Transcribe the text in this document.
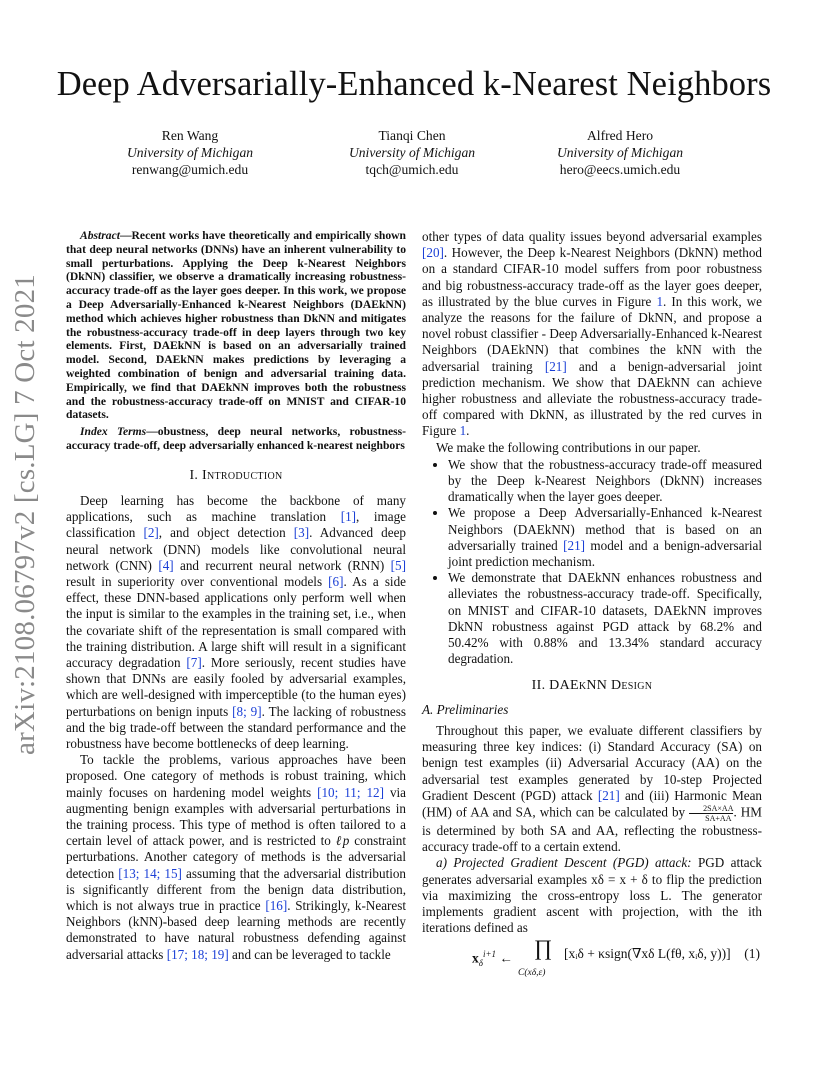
arXiv:2108.06797v2 [cs.LG] 7 Oct 2021
Deep Adversarially-Enhanced k-Nearest Neighbors
Ren Wang
University of Michigan
renwang@umich.edu
Tianqi Chen
University of Michigan
tqch@umich.edu
Alfred Hero
University of Michigan
hero@eecs.umich.edu

Abstract—Recent works have theoretically and empirically shown that deep neural networks (DNNs) have an inherent vulnerability to small perturbations. Applying the Deep k-Nearest Neighbors (DkNN) classifier, we observe a dramatically increasing robustness-accuracy trade-off as the layer goes deeper. In this work, we propose a Deep Adversarially-Enhanced k-Nearest Neighbors (DAEkNN) method which achieves higher robustness than DkNN and mitigates the robustness-accuracy trade-off in deep layers through two key elements. First, DAEkNN is based on an adversarially trained model. Second, DAEkNN makes predictions by leveraging a weighted combination of benign and adversarial training data. Empirically, we find that DAEkNN improves both the robustness and the robustness-accuracy trade-off on MNIST and CIFAR-10 datasets.

Index Terms—obustness, deep neural networks, robustness-accuracy trade-off, deep adversarially enhanced k-nearest neighbors

I. Introduction

Deep learning has become the backbone of many applications, such as machine translation [1], image classification [2], and object detection [3]. Advanced deep neural network (DNN) models like convolutional neural network (CNN) [4] and recurrent neural network (RNN) [5] result in superiority over conventional models [6]. As a side effect, these DNN-based applications only perform well when the input is similar to the examples in the training set, i.e., when the covariate shift of the representation is small compared with the training distribution. A large shift will result in a significant accuracy degradation [7]. More seriously, recent studies have shown that DNNs are easily fooled by adversarial examples, which are well-designed with imperceptible (to the human eyes) perturbations on benign inputs [8; 9]. The lacking of robustness and the big trade-off between the standard performance and the robustness have become bottlenecks of deep learning.

To tackle the problems, various approaches have been proposed. One category of methods is robust training, which mainly focuses on hardening model weights [10; 11; 12] via augmenting benign examples with adversarial perturbations in the training process. This type of method is often tailored to a certain level of attack power, and is restricted to ℓp constraint perturbations. Another category of methods is the adversarial detection [13; 14; 15] assuming that the adversarial distribution is significantly different from the benign data distribution, which is not always true in practice [16]. Strikingly, k-Nearest Neighbors (kNN)-based deep learning methods are recently demonstrated to have natural robustness defending against adversarial attacks [17; 18; 19] and can be leveraged to tackle

other types of data quality issues beyond adversarial examples [20]. However, the Deep k-Nearest Neighbors (DkNN) method on a standard CIFAR-10 model suffers from poor robustness and big robustness-accuracy trade-off as the layer goes deeper, as illustrated by the blue curves in Figure 1. In this work, we analyze the reasons for the failure of DkNN, and propose a novel robust classifier - Deep Adversarially-Enhanced k-Nearest Neighbors (DAEkNN) that combines the kNN with the adversarial training [21] and a benign-adversarial joint prediction mechanism. We show that DAEkNN can achieve higher robustness and alleviate the robustness-accuracy trade-off compared with DkNN, as illustrated by the red curves in Figure 1.

We make the following contributions in our paper.

• We show that the robustness-accuracy trade-off measured by the Deep k-Nearest Neighbors (DkNN) increases dramatically when the layer goes deeper.
• We propose a Deep Adversarially-Enhanced k-Nearest Neighbors (DAEkNN) method that is based on an adversarially trained [21] model and a benign-adversarial joint prediction mechanism.
• We demonstrate that DAEkNN enhances robustness and alleviates the robustness-accuracy trade-off. Specifically, on MNIST and CIFAR-10 datasets, DAEkNN improves DkNN robustness against PGD attack by 68.2% and 50.42% with 0.88% and 13.34% standard accuracy degradation.

II. DAEkNN Design

A. Preliminaries

Throughout this paper, we evaluate different classifiers by measuring three key indices: (i) Standard Accuracy (SA) on benign test examples (ii) Adversarial Accuracy (AA) on the adversarial test examples generated by 10-step Projected Gradient Descent (PGD) attack [21] and (iii) Harmonic Mean (HM) of AA and SA, which can be calculated by $\frac{2SA\times AA}{SA+AA}$ . HM is determined by both SA and AA, reflecting the robustness-accuracy trade-off to a certain extend.

a) Projected Gradient Descent (PGD) attack: PGD attack generates adversarial examples xδ = x + δ to flip the prediction via maximizing the cross-entropy loss L. The generator implements gradient ascent with projection, with the ith iterations defined as

$x_\delta^{i+1}$ ← ∏
C(xδ,ε)
[xᵢδ + κsign(∇xδ L(fθ, xᵢδ, y))] (1)
